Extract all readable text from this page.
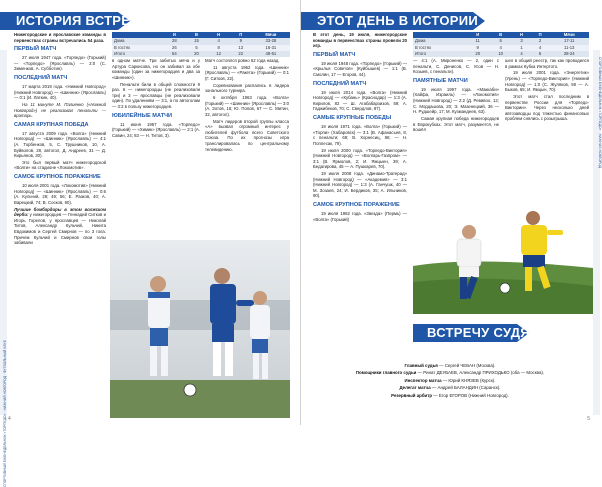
СПОРТИВНЫЙ ЕЖЕНЕДЕЛЬНИК «ТОРПЕДО» · НИЖНИЙ НОВГОРОД · ФУТБОЛЬНЫЙ КЛУБ
ИСТОРИЯ ВСТРЕЧ
	И	В	Н	П	Мячи
Дома	28	15	4	9	33-28
В гостях	26	5	8	13	16-31
Итого	54	20	12	22	48-61

Нижегородские и ярославские команды в первенствах страны встречались 54 раза.

ПЕРВЫЙ МАТЧ

27 июля 1947 года. «Торпедо» (Горький) — «Торпедо» (Ярославль) — 2:0 (С. Зименков, А. Субботин).

ПОСЛЕДНИЙ МАТЧ

17 марта 2019 года. «Нижний Новгород» (Нижний Новгород) — «Шинник» (Ярославль) — 0:1 (И. Латкин, 40).

На 11 минуте М. Палиенко («Нижний Новгород») не реализовал пенальти — вратарь.

САМАЯ КРУПНАЯ ПОБЕДА

17 августа 2009 года. «Волга» (Нижний Новгород) — «Шинник» (Ярославль) — 4:1 (А. Торбенков, 5, С. Трушников, 10, А. Буйволов, 28, автогол, Д. Андреев, 31 — Д. Кирьянов, 30).

Это был первый матч нижегородской «Волги» на стадионе «Локомотив».

САМОЕ КРУПНОЕ ПОРАЖЕНИЕ

10 июля 2001 года. «Локомотив» (Нижний Новгород) — «Шинник» (Ярославль) — 0:6 (А. Кульчий, 29; 49; 56; Е. Разков, 40; А. Варецкий, 74; В. Сосков, 90).

Лучшие бомбардиры в этом волжском дерби: у нижегородцев — Геннадий Ситков и Игорь Горелов, у ярославцев — Николай Титов, Александр Кульчий, Никита Евдокимов и Сергей Смирнов — по 3 гола. Причем Кульчий и Смирнов свои голы забивали

в одном матче. Три забитых мяча и у Артура Саркисова, но он забивал за обе команды (один за нижегородцев и два за «Шинник»).

Пенальти били в общей сложности 9 раз. 6 — нижегородцы (не реализовали три) и 3 — ярославцы (не реализовали один). По удалениям — 3:1, а по автоголам — 3:2 в пользу нижегородцев.

ЮБИЛЕЙНЫЕ МАТЧИ

11 июня 1957 года. «Торпедо» (Горький) — «Химик» (Ярославль) — 2:1 (А. Савин, 24; 83 — Н. Титов, 3).

Матч состоялся ровно 62 года назад.

11 августа 1962 года. «Шинник» (Ярославль) — «Ракета» (Горький) — 0:1 (Г. Ситков, 22).

Соревнования распались в лидера зонального турнира.

6 октября 1963 года. «Волга» (Горький) — «Шинник» (Ярославль) — 3:0 (А. Зотов, 16; Ю. Попов, 67 — С. Митин, 32, автогол).

Матч лидеров второй группы класса «А» вызвал огромный интерес у любителей футбола всего Советского Союза. По их прогнозы игра транслировалась по центральному телевидению.

4
СПОРТИВНЫЙ ЕЖЕНЕДЕЛЬНИК «ТОРПЕДО» · НИЖНИЙ НОВГОРОД
ЭТОТ ДЕНЬ В ИСТОРИИ
	И	В	Н	П	Мячи
Дома	11	6	3	2	17-11
В гостях	9	4	1	4	11-13
Итого	20	10	4	6	28-24

В этот день, 19 июля, нижегородские команды в первенствах страны провели 20 игр.

ПЕРВЫЙ МАТЧ

19 июля 1948 года. «Торпедо» (Горький) — «Крылья Советов» (Куйбышев) — 1:1 (В. Смолин, 17 — Егоров, 44).

ПОСЛЕДНИЙ МАТЧ

19 июля 2014 года. «Волга» (Нижний Новгород) — «Кубань» (Краснодар) — 1:3 (А. Кирилов, 82 — Ш. Агабабарзизов, 59; А. Гаджибеков, 70; С. Свердлов, 87).

САМЫЕ КРУПНЫЕ ПОБЕДЫ

19 июля 1971 года. «Волга» (Горький) — «Торпи» (Хабаровск) — 3:1 (В. Афанасьев, 8, с пенальти; 69; В. Хорнесиц, 86; — Н. Поплесак, 79).

19 июля 2000 года. «Торпедо-Виктория» (Нижний Новгород) — «Волгарь-Газпром» — 3:1 (В. Ярмолов, 2; И. Ямцыен, 39; А. Бедагирова, 45 — А. Пушкарев, 70).

19 июля 2008 года. «Динамо-Тратерад» (Нижний Новгород) — «Академия» — 3:1 (Нижний Новгород) — 1:3 (А. Ганчушк, 40 — М. Зозаев, 24; И. Бердиков, 35; А. Ильников, 90).

САМОЕ КРУПНОЕ ПОРАЖЕНИЕ

19 июля 1982 года. «Звезда» (Пермь) — «Волга» (Горький)

— 4:1 (А. Мироненко — 2, один с пенальти, С. Денисов, С. Усов — Н. Козыев, с пенальти).

ПАМЯТНЫЕ МАТЧИ

19 июля 1997 года. «Маккаби» (Хайфа, Израиль) — «Локомотив» (Нижний Новгород) — 2:2 (Д. Ревивоо, 12; С. Мордашова, 20; Э. Мазенецкий, 36 — Н. Рудшейр, 17; М. Кузмандеев, 63).

Самая крупная победа нижегородцев в Еврокубках. Этот матч, разумеется, не вошёл

шел в общий реестр, так как проводился в рамках Кубка Интертото.

19 июля 2001 года. «Энергетик» (Урень) — «Торпедо-Виктория» (Нижний Новгород) — 1:0 (С. Жуляков, 59 — А. Быков, 65; И. Ямцын, 70).

Этот матч стал последним в первенстве России для «Торпедо-Виктории». Через несколько дней автозаводцы под тяжестью финансовых проблем снялись с розыгрыша.

ВСТРЕЧУ СУДЯТ
Главный судья — Сергей ЧЕБАН (Москва).
Помощники главного судьи — Ринат ДЕУБАЕВ, Александр ПРИХОДЬКО (оба — Москва).
Инспектор матча — Юрий КНЯЗЕВ (Курск).
Делегат матча — Андрей БАЛАНДИН (Саранск).
Резервный арбитр — Егор ЕГОРОВ (Нижний Новгород).
5
